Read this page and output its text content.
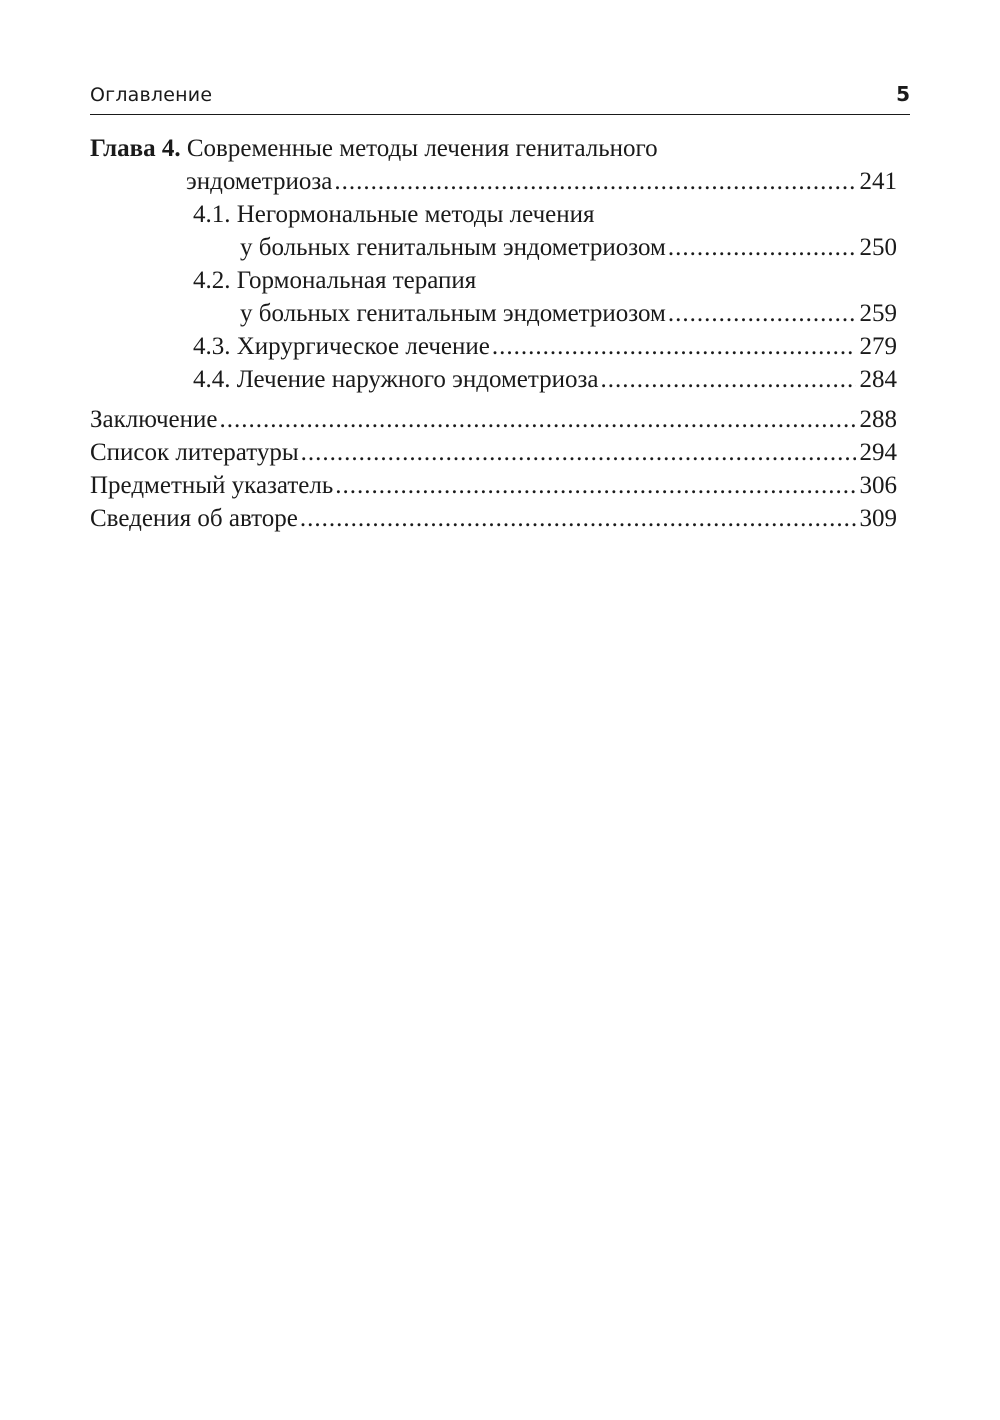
Оглавление	5
Глава 4. Современные методы лечения генитального
эндометриоза .....	241
4.1. Негормональные методы лечения
у больных генитальным эндометриозом .....	250
4.2. Гормональная терапия
у больных генитальным эндометриозом .....	259
4.3. Хирургическое лечение .....	279
4.4. Лечение наружного эндометриоза .....	284
Заключение .....	288
Список литературы .....	294
Предметный указатель .....	306
Сведения об авторе .....	309
